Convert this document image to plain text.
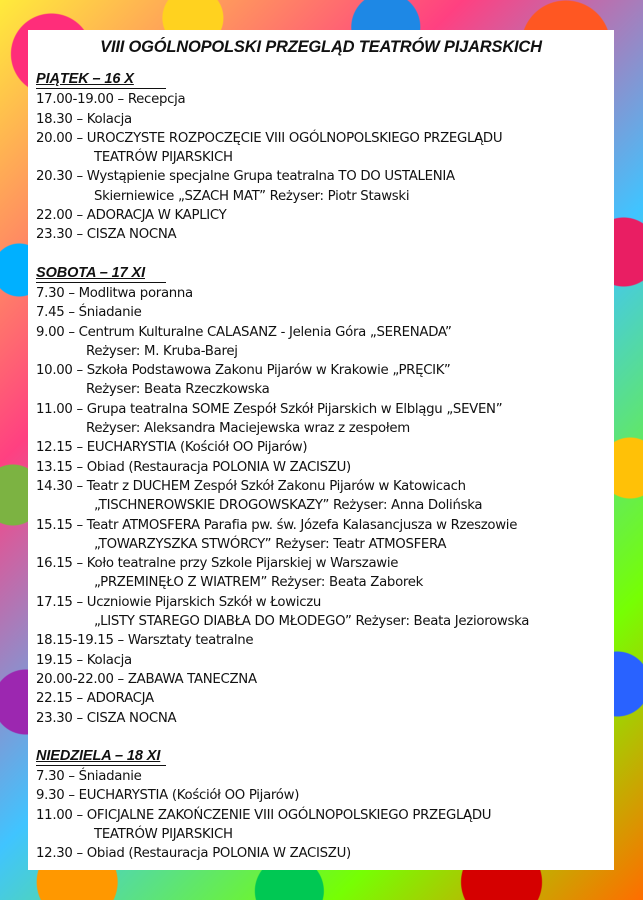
VIII OGÓLNOPOLSKI PRZEGLĄD TEATRÓW PIJARSKICH
PIĄTEK – 16 X
17.00-19.00 – Recepcja
18.30 – Kolacja
20.00 – UROCZYSTE ROZPOCZĘCIE VIII OGÓLNOPOLSKIEGO PRZEGLĄDU
TEATRÓW PIJARSKICH
20.30 – Wystąpienie specjalne Grupa teatralna TO DO USTALENIA
Skierniewice „SZACH MAT” Reżyser: Piotr Stawski
22.00 – ADORACJA W KAPLICY
23.30 – CISZA NOCNA
SOBOTA – 17 XI
7.30 – Modlitwa poranna
7.45 – Śniadanie
9.00 – Centrum Kulturalne CALASANZ - Jelenia Góra „SERENADA”
Reżyser: M. Kruba-Barej
10.00 – Szkoła Podstawowa Zakonu Pijarów w Krakowie „PRĘCIK”
Reżyser: Beata Rzeczkowska
11.00 – Grupa teatralna SOME Zespół Szkół Pijarskich w Elblągu „SEVEN”
Reżyser: Aleksandra Maciejewska wraz z zespołem
12.15 – EUCHARYSTIA (Kościół OO Pijarów)
13.15 – Obiad (Restauracja POLONIA W ZACISZU)
14.30 – Teatr z DUCHEM Zespół Szkół Zakonu Pijarów w Katowicach
„TISCHNEROWSKIE DROGOWSKAZY” Reżyser: Anna Dolińska
15.15 – Teatr ATMOSFERA Parafia pw. św. Józefa Kalasancjusza w Rzeszowie
„TOWARZYSZKA STWÓRCY” Reżyser: Teatr ATMOSFERA
16.15 – Koło teatralne przy Szkole Pijarskiej w Warszawie
„PRZEMINĘŁO Z WIATREM” Reżyser: Beata Zaborek
17.15 – Uczniowie Pijarskich Szkół w Łowiczu
„LISTY STAREGO DIABŁA DO MŁODEGO” Reżyser: Beata Jeziorowska
18.15-19.15 – Warsztaty teatralne
19.15 – Kolacja
20.00-22.00 – ZABAWA TANECZNA
22.15 – ADORACJA
23.30 – CISZA NOCNA
NIEDZIELA – 18 XI
7.30 – Śniadanie
9.30 – EUCHARYSTIA (Kościół OO Pijarów)
11.00 – OFICJALNE ZAKOŃCZENIE VIII OGÓLNOPOLSKIEGO PRZEGLĄDU
TEATRÓW PIJARSKICH
12.30 – Obiad (Restauracja POLONIA W ZACISZU)
